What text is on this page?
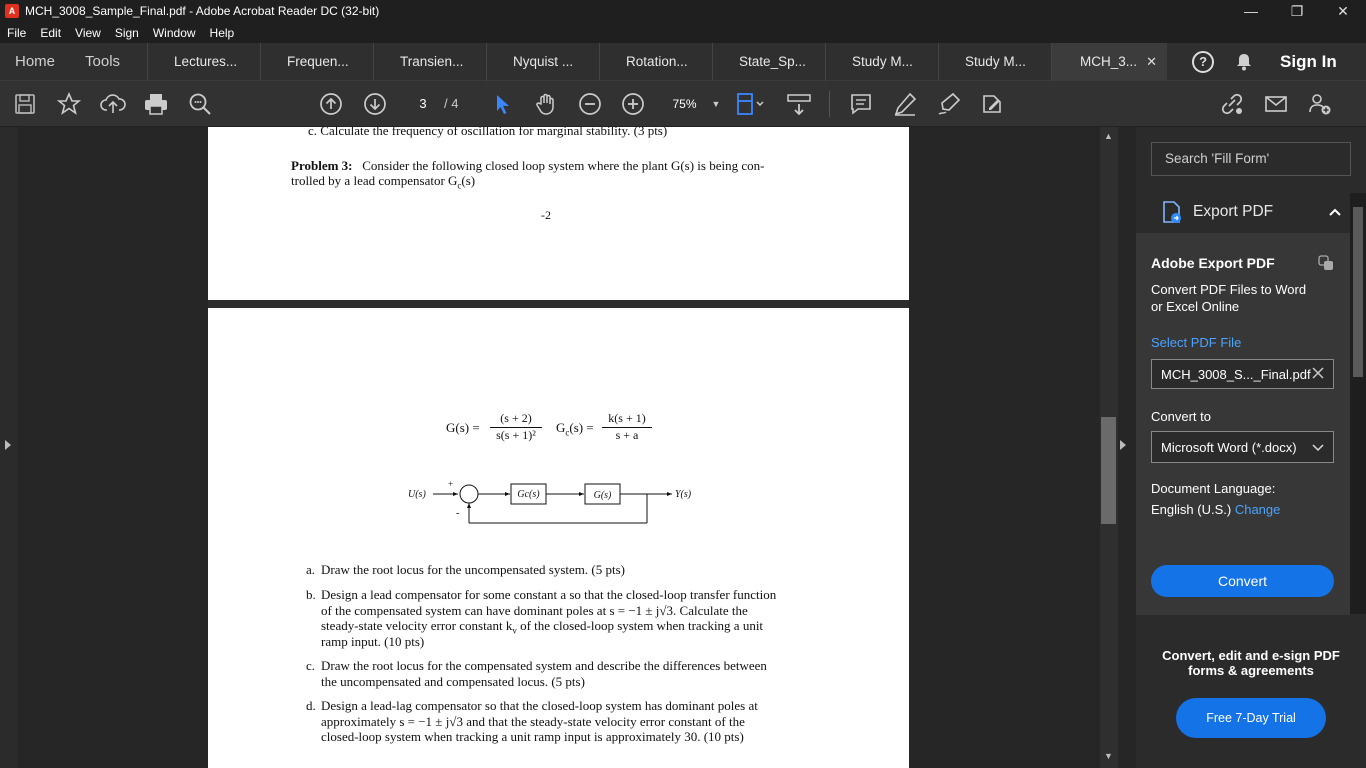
A MCH_3008_Sample_Final.pdf - Adobe Acrobat Reader DC (32-bit)	—	❐	✕
File	Edit	View	Sign	Window	Help
Home	Tools	Lectures...	Frequen...	Transien...	Nyquist ...	Rotation...	State_Sp...	Study M...	Study M...	MCH_3... ✕	?	Sign In
3	/ 4	75% ▼
c. Calculate the frequency of oscillation for marginal stability. (3 pts)
Problem 3: Consider the following closed loop system where the plant G(s) is being con-
trolled by a lead compensator $G_c(s)$
-2
G(s) =
(s + 2)
s(s + 1)²	$G_c(s)$ =
k(s + 1)
s + a
U(s)
+
-
Gc(s)	G(s)	Y(s)
a. Draw the root locus for the uncompensated system. (5 pts)
b. Design a lead compensator for some constant a so that the closed-loop transfer function
of the compensated system can have dominant poles at s = −1 ± j√3. Calculate the
steady-state velocity error constant $k_v$ of the closed-loop system when tracking a unit
ramp input. (10 pts)
c. Draw the root locus for the compensated system and describe the differences between
the uncompensated and compensated locus. (5 pts)
d. Design a lead-lag compensator so that the closed-loop system has dominant poles at
approximately s = −1 ± j√3 and that the steady-state velocity error constant of the
closed-loop system when tracking a unit ramp input is approximately 30. (10 pts)
▲
▼
Search 'Fill Form'
Export PDF
Adobe Export PDF
Convert PDF Files to Word or Excel Online
Select PDF File
MCH_3008_S..._Final.pdf
Convert to
Microsoft Word (*.docx)
Document Language:
English (U.S.) Change
Convert
Convert, edit and e-sign PDF forms & agreements
Free 7-Day Trial
